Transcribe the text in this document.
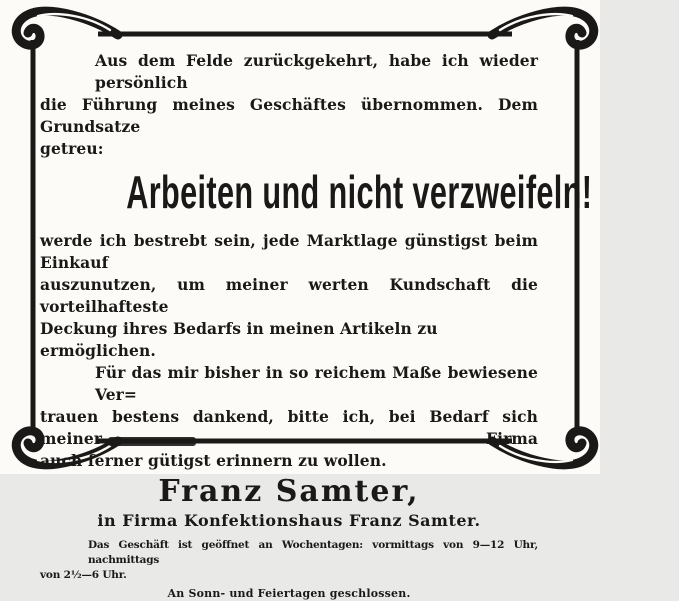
Aus dem Felde zurückgekehrt, habe ich wieder persönlich
die Führung meines Geschäftes übernommen. Dem Grundsatze
getreu:
Arbeiten und nicht verzweifeln!
werde ich bestrebt sein, jede Marktlage günstigst beim Einkauf
auszunutzen, um meiner werten Kundschaft die vorteilhafteste
Deckung ihres Bedarfs in meinen Artikeln zu ermöglichen.
Für das mir bisher in so reichem Maße bewiesene Ver=
trauen bestens dankend, bitte ich, bei Bedarf sich meiner Firma
auch ferner gütigst erinnern zu wollen.
Franz Samter,
in Firma Konfektionshaus Franz Samter.
Das Geschäft ist geöffnet an Wochentagen: vormittags von 9—12 Uhr, nachmittags
von 2½—6 Uhr.
An Sonn- und Feiertagen geschlossen.
